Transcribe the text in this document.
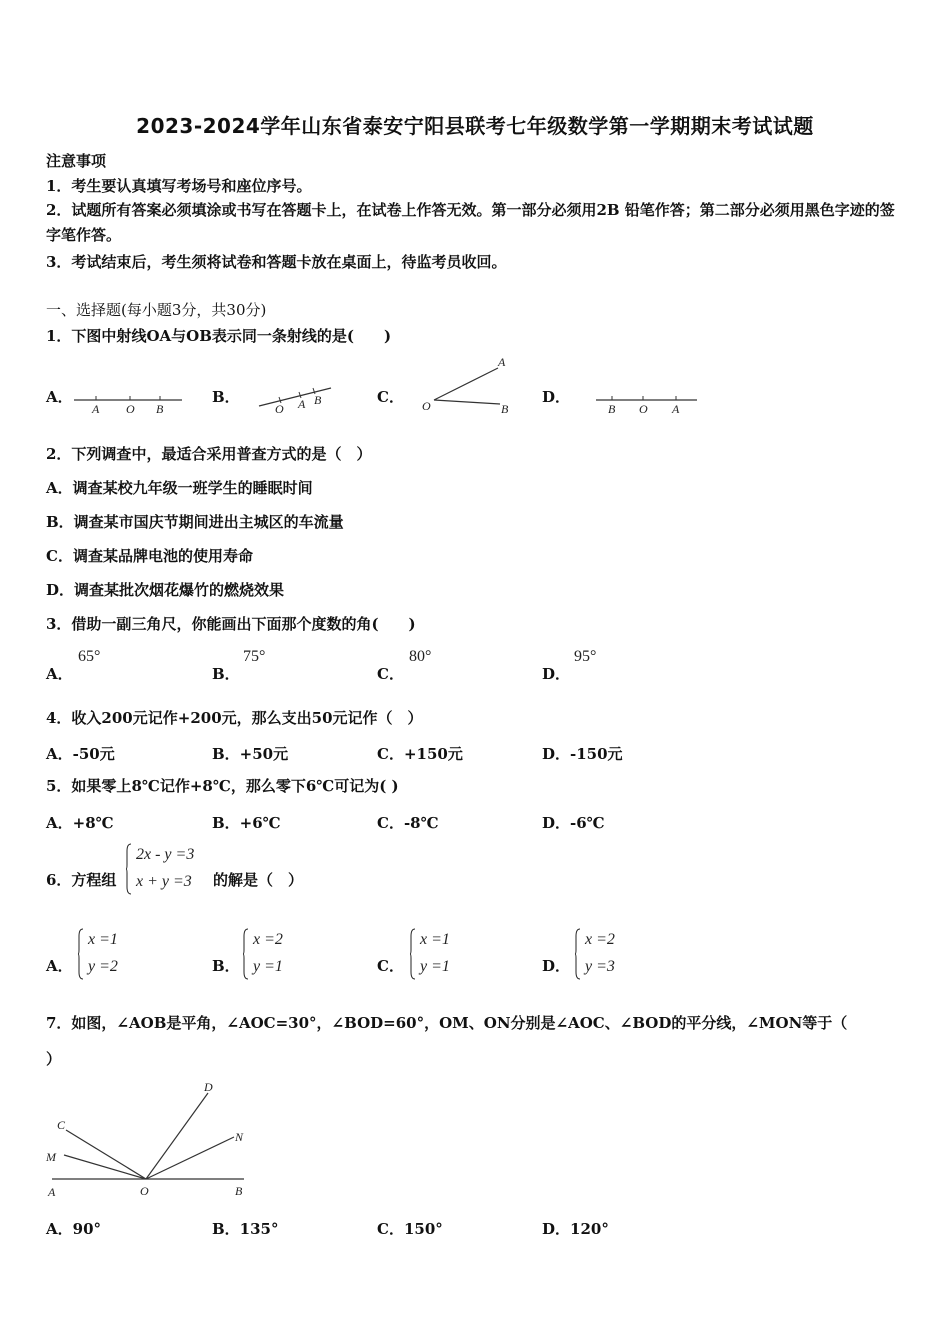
2023-2024学年山东省泰安宁阳县联考七年级数学第一学期期末考试试题
注意事项
1．考生要认真填写考场号和座位序号。
2．试题所有答案必须填涂或书写在答题卡上，在试卷上作答无效。第一部分必须用2B 铅笔作答；第二部分必须用黑色字迹的签字笔作答。
3．考试结束后，考生须将试卷和答题卡放在桌面上，待监考员收回。
一、选择题(每小题3分，共30分)
1．下图中射线OA与OB表示同一条射线的是(　　)
A．
A O B
B．
O A B	C．
A
O	B
D．
B O A
2．下列调查中，最适合采用普查方式的是（　）
A．调查某校九年级一班学生的睡眠时间
B．调查某市国庆节期间进出主城区的车流量
C．调查某品牌电池的使用寿命
D．调查某批次烟花爆竹的燃烧效果
3．借助一副三角尺，你能画出下面那个度数的角(　　)
A．
65°
B．
75°
C．
80°
D．
95°
4．收入200元记作+200元，那么支出50元记作（　）
A．-50元	B．+50元	C．+150元	D．-150元
5．如果零上8℃记作+8℃，那么零下6℃可记为( )
A．+8℃	B．+6℃	C．-8℃	D．-6℃
6．方程组
2x - y =3
x + y =3 的解是（　）
A．
x =1
y =2	B．
x =2
y =1	C．
x =1
y =1	D．
x =2
y =3
7．如图，∠AOB是平角，∠AOC=30°，∠BOD=60°，OM、ON分别是∠AOC、∠BOD的平分线，∠MON等于（
）
D
C
N
M
A	O	B
A．90°	B．135°	C．150°	D．120°
